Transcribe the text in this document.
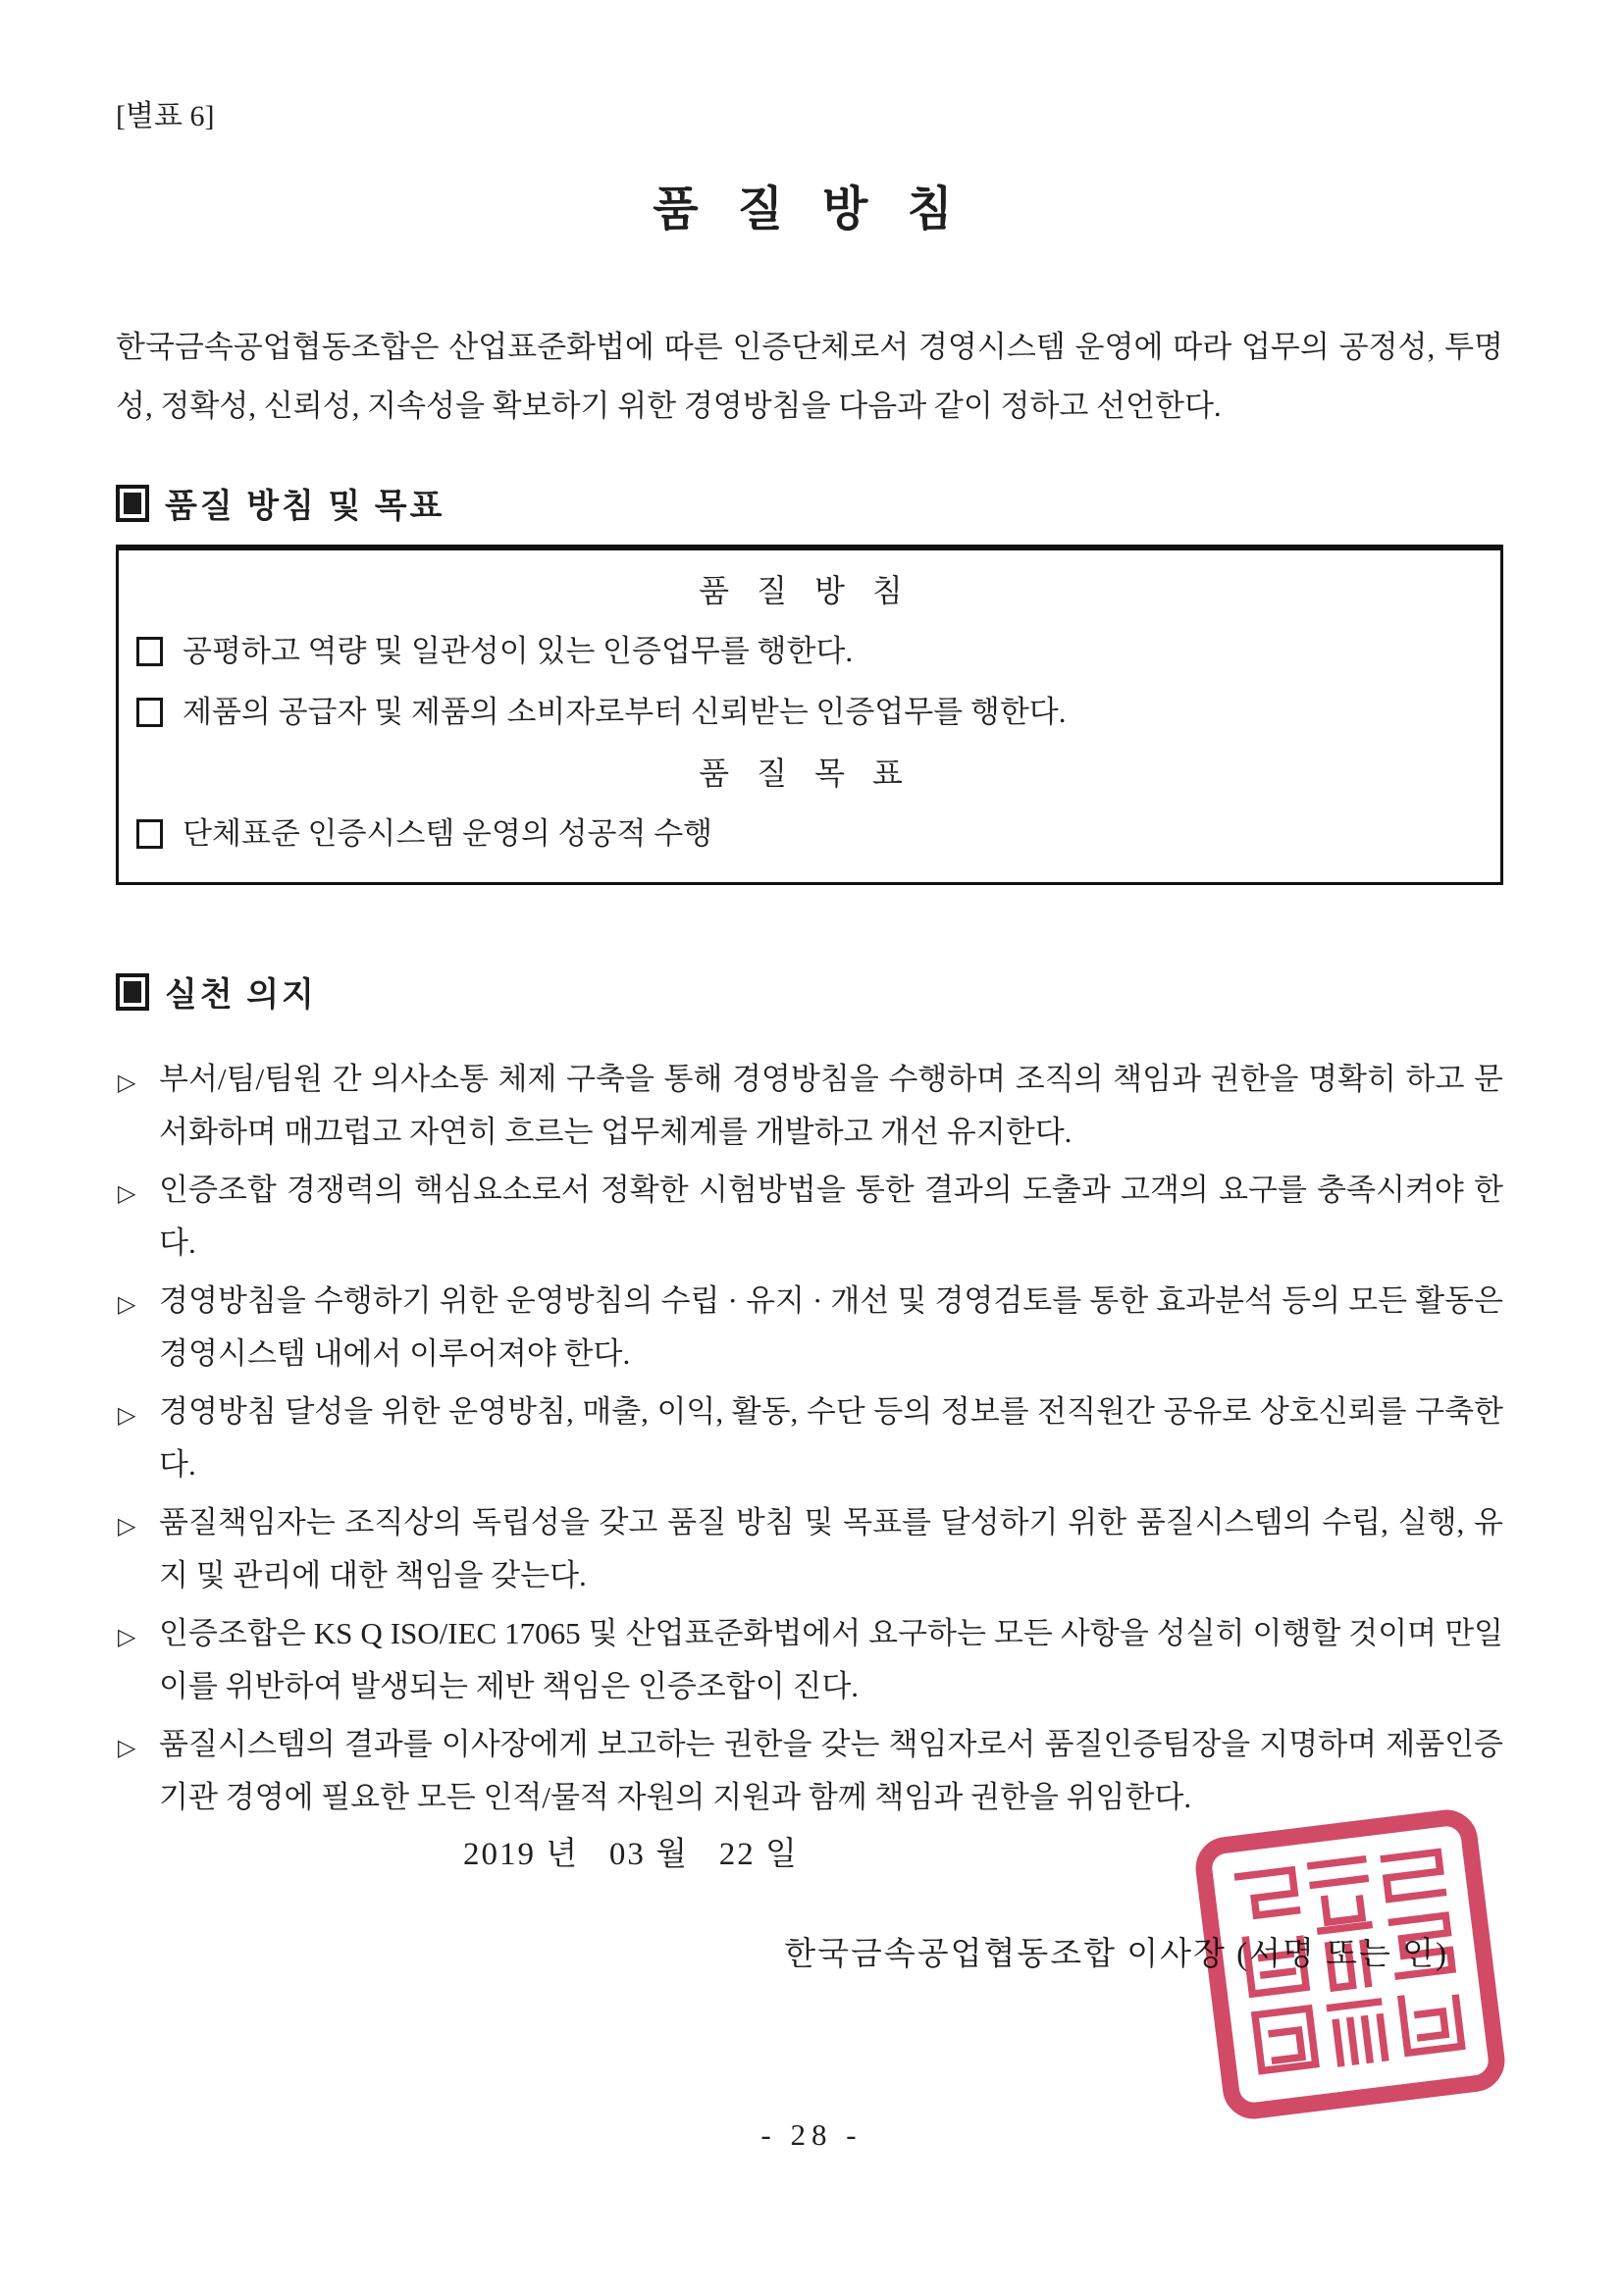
[별표 6]
품 질 방 침

한국금속공업협동조합은 산업표준화법에 따른 인증단체로서 경영시스템 운영에 따라 업무의 공정성, 투명성, 정확성, 신뢰성, 지속성을 확보하기 위한 경영방침을 다음과 같이 정하고 선언한다.

품질 방침 및 목표
품 질 방 침
공평하고 역량 및 일관성이 있는 인증업무를 행한다.
제품의 공급자 및 제품의 소비자로부터 신뢰받는 인증업무를 행한다.
품 질 목 표
단체표준 인증시스템 운영의 성공적 수행
실천 의지
▷ 부서/팀/팀원 간 의사소통 체제 구축을 통해 경영방침을 수행하며 조직의 책임과 권한을 명확히 하고 문서화하며 매끄럽고 자연히 흐르는 업무체계를 개발하고 개선 유지한다.
▷ 인증조합 경쟁력의 핵심요소로서 정확한 시험방법을 통한 결과의 도출과 고객의 요구를 충족시켜야 한다.
▷ 경영방침을 수행하기 위한 운영방침의 수립 · 유지 · 개선 및 경영검토를 통한 효과분석 등의 모든 활동은 경영시스템 내에서 이루어져야 한다.
▷ 경영방침 달성을 위한 운영방침, 매출, 이익, 활동, 수단 등의 정보를 전직원간 공유로 상호신뢰를 구축한다.
▷ 품질책임자는 조직상의 독립성을 갖고 품질 방침 및 목표를 달성하기 위한 품질시스템의 수립, 실행, 유지 및 관리에 대한 책임을 갖는다.
▷ 인증조합은 KS Q ISO/IEC 17065 및 산업표준화법에서 요구하는 모든 사항을 성실히 이행할 것이며 만일 이를 위반하여 발생되는 제반 책임은 인증조합이 진다.
▷ 품질시스템의 결과를 이사장에게 보고하는 권한을 갖는 책임자로서 품질인증팀장을 지명하며 제품인증기관 경영에 필요한 모든 인적/물적 자원의 지원과 함께 책임과 권한을 위임한다.
2019 년   03 월   22 일
한국금속공업협동조합 이사장 (서명 또는 인)
- 28 -
